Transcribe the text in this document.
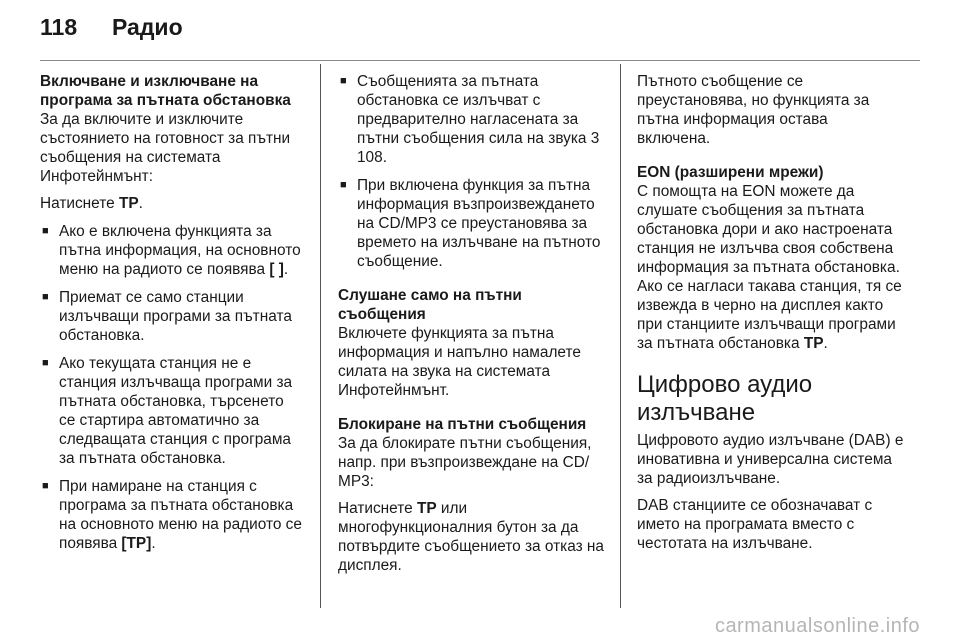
118	Радио
Включване и изключване на
програма за пътната обстановка

За да включите и изключите състоянието на готовност за пътни съобщения на системата Инфотейнмънт:

Натиснете TP.

■ Ако е включена функцията за пътна информация, на основното меню на радиото се появява [ ].
■ Приемат се само станции излъчващи програми за пътната обстановка.
■ Ако текущата станция не е станция излъчваща програми за пътната обстановка, търсенето се стартира автоматично за следващата станция с програма за пътната обстановка.
■ При намиране на станция с програма за пътната обстановка на основното меню на радиото се появява [TP].
■ Съобщенията за пътната обстановка се излъчват с предварително нагласената за пътни съобщения сила на звука 3 108.
■ При включена функция за пътна информация възпроизвеждането на CD/MP3 се преустановява за времето на излъчване на пътното съобщение.
Слушане само на пътни съобщения

Включете функцията за пътна информация и напълно намалете силата на звука на системата Инфотейнмънт.

Блокиране на пътни съобщения

За да блокирате пътни съобщения, напр. при възпроизвеждане на CD/ MP3:

Натиснете TP или многофункционалния бутон за да потвърдите съобщението за отказ на дисплея.

Пътното съобщение се преустановява, но функцията за пътна информация остава включена.

EON (разширени мрежи)

С помощта на EON можете да слушате съобщения за пътната обстановка дори и ако настроената станция не излъчва своя собствена информация за пътната обстановка. Ако се нагласи такава станция, тя се извежда в черно на дисплея както при станциите излъчващи програми за пътната обстановка TP.

Цифрово аудио излъчване

Цифровото аудио излъчване (DAB) е иновативна и универсална система за радиоизлъчване.

DAB станциите се обозначават с името на програмата вместо с честотата на излъчване.

carmanualsonline.info
